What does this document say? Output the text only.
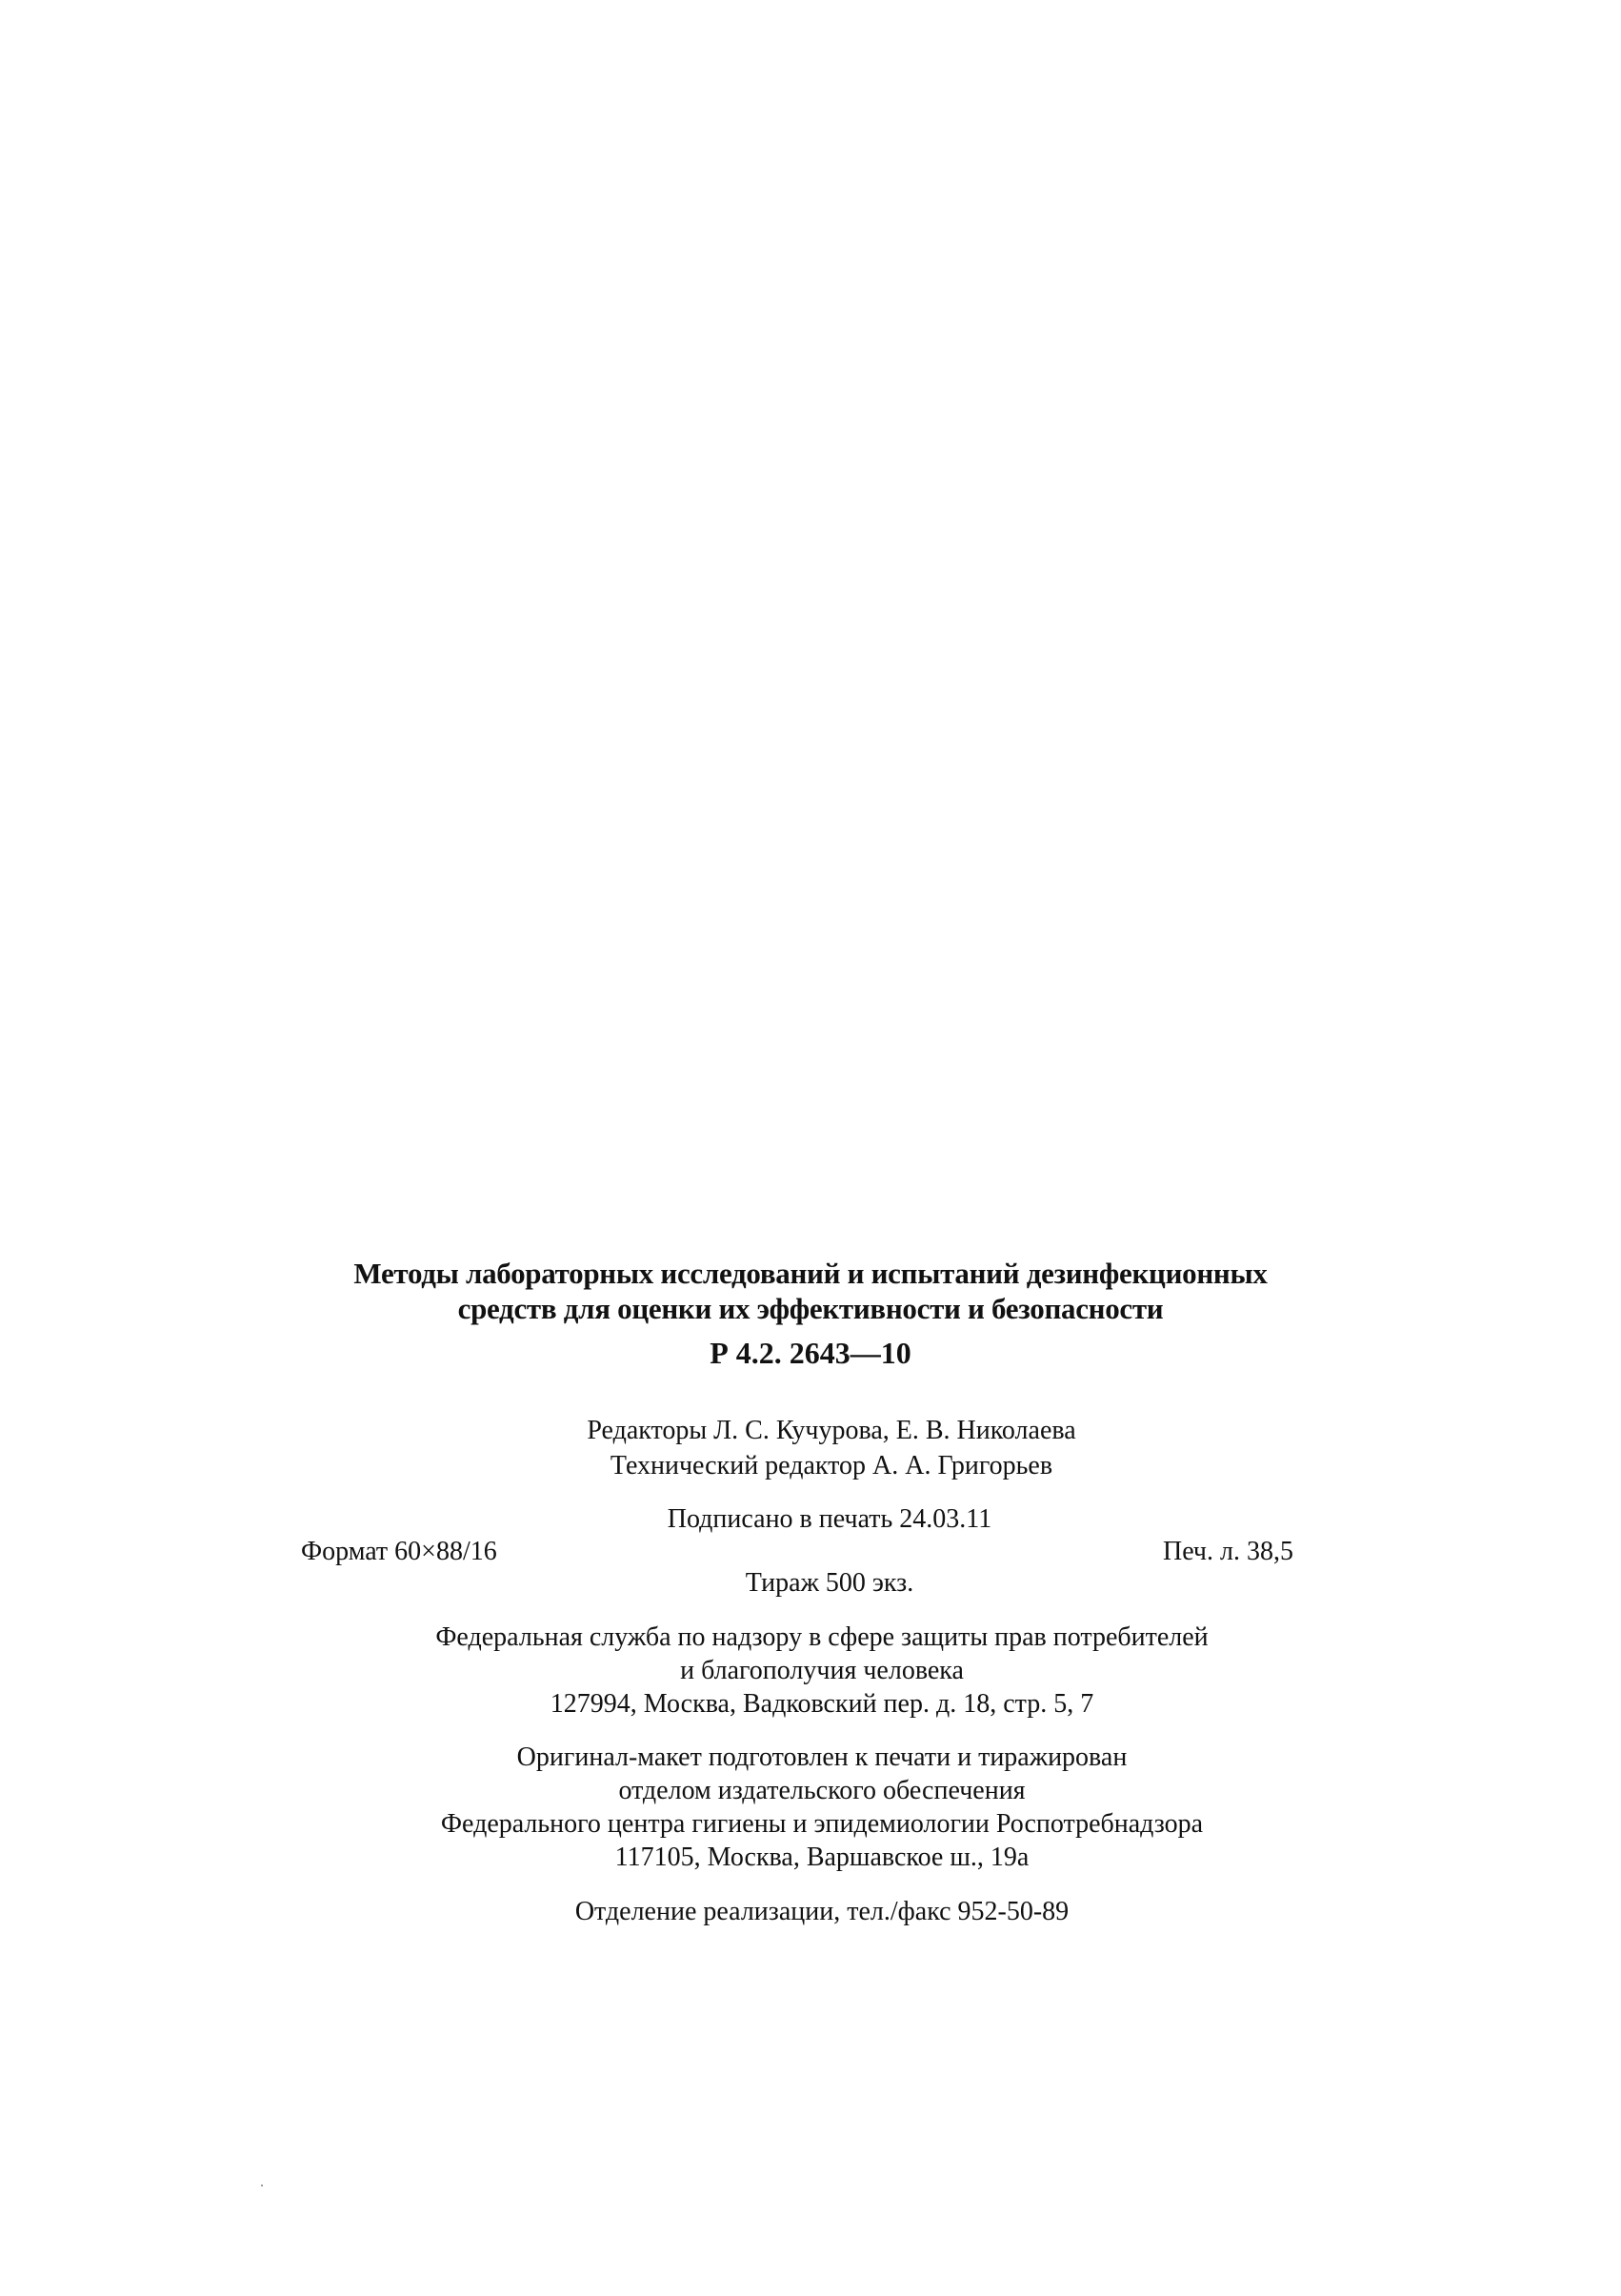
Методы лабораторных исследований и испытаний дезинфекционных
средств для оценки их эффективности и безопасности
Р 4.2. 2643—10
Редакторы Л. С. Кучурова, Е. В. Николаева
Технический редактор А. А. Григорьев
Подписано в печать 24.03.11
Формат 60×88/16	Печ. л. 38,5
Тираж 500 экз.
Федеральная служба по надзору в сфере защиты прав потребителей
и благополучия человека
127994, Москва, Вадковский пер. д. 18, стр. 5, 7
Оригинал-макет подготовлен к печати и тиражирован
отделом издательского обеспечения
Федерального центра гигиены и эпидемиологии Роспотребнадзора
117105, Москва, Варшавское ш., 19а
Отделение реализации, тел./факс 952-50-89
